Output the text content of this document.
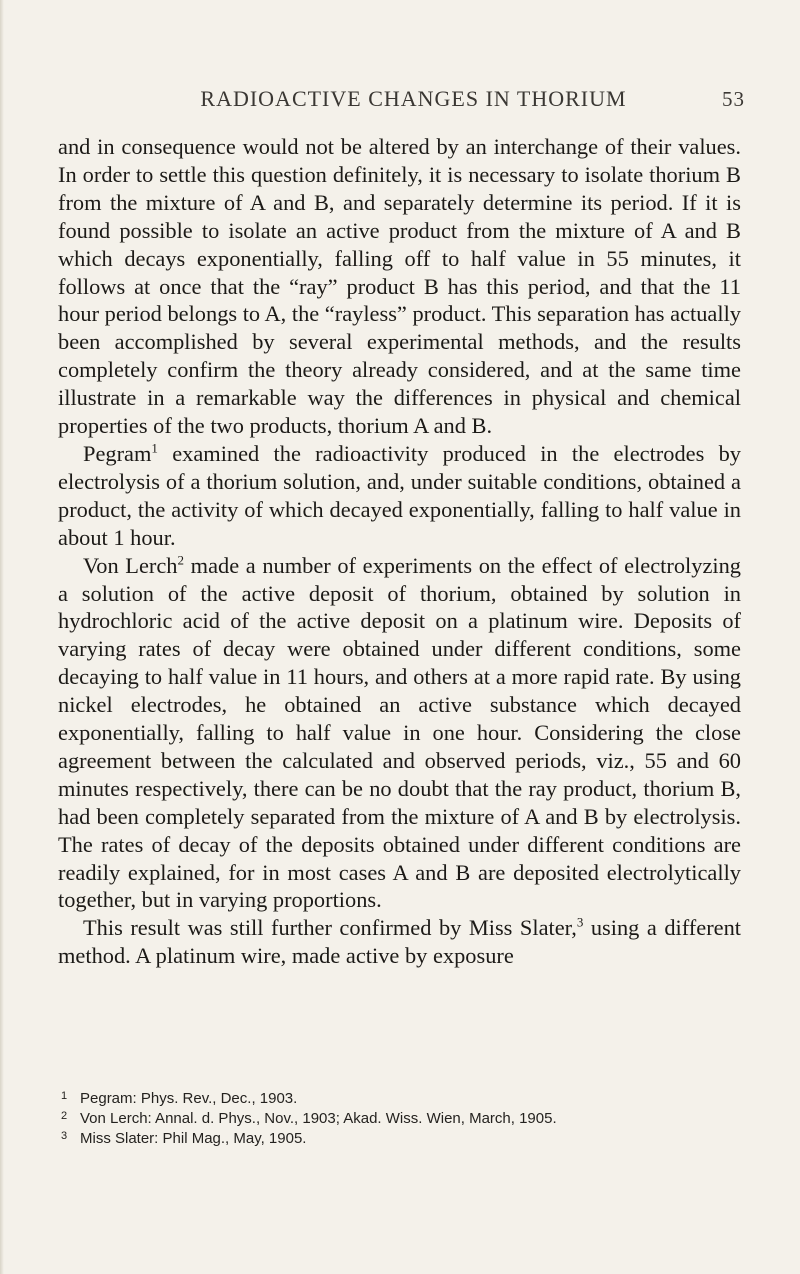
RADIOACTIVE CHANGES IN THORIUM	53

and in consequence would not be altered by an interchange of their values. In order to settle this question definitely, it is necessary to isolate thorium B from the mixture of A and B, and separately determine its period. If it is found possible to isolate an active product from the mixture of A and B which decays exponentially, falling off to half value in 55 minutes, it follows at once that the “ray” product B has this period, and that the 11 hour period belongs to A, the “rayless” product. This separation has actually been accomplished by several experimental methods, and the results completely confirm the theory already considered, and at the same time illustrate in a remarkable way the differences in physical and chemical properties of the two products, thorium A and B.

Pegram$^1$ examined the radioactivity produced in the electrodes by electrolysis of a thorium solution, and, under suitable conditions, obtained a product, the activity of which decayed exponentially, falling to half value in about 1 hour.

Von Lerch$^2$ made a number of experiments on the effect of electrolyzing a solution of the active deposit of thorium, obtained by solution in hydrochloric acid of the active deposit on a platinum wire. Deposits of varying rates of decay were obtained under different conditions, some decaying to half value in 11 hours, and others at a more rapid rate. By using nickel electrodes, he obtained an active substance which decayed exponentially, falling to half value in one hour. Considering the close agreement between the calculated and observed periods, viz., 55 and 60 minutes respectively, there can be no doubt that the ray product, thorium B, had been completely separated from the mixture of A and B by electrolysis. The rates of decay of the deposits obtained under different conditions are readily explained, for in most cases A and B are deposited electrolytically together, but in varying proportions.

This result was still further confirmed by Miss Slater,$^3$ using a different method. A platinum wire, made active by exposure

1 Pegram: Phys. Rev., Dec., 1903.

2 Von Lerch: Annal. d. Phys., Nov., 1903; Akad. Wiss. Wien, March, 1905.

3 Miss Slater: Phil Mag., May, 1905.
